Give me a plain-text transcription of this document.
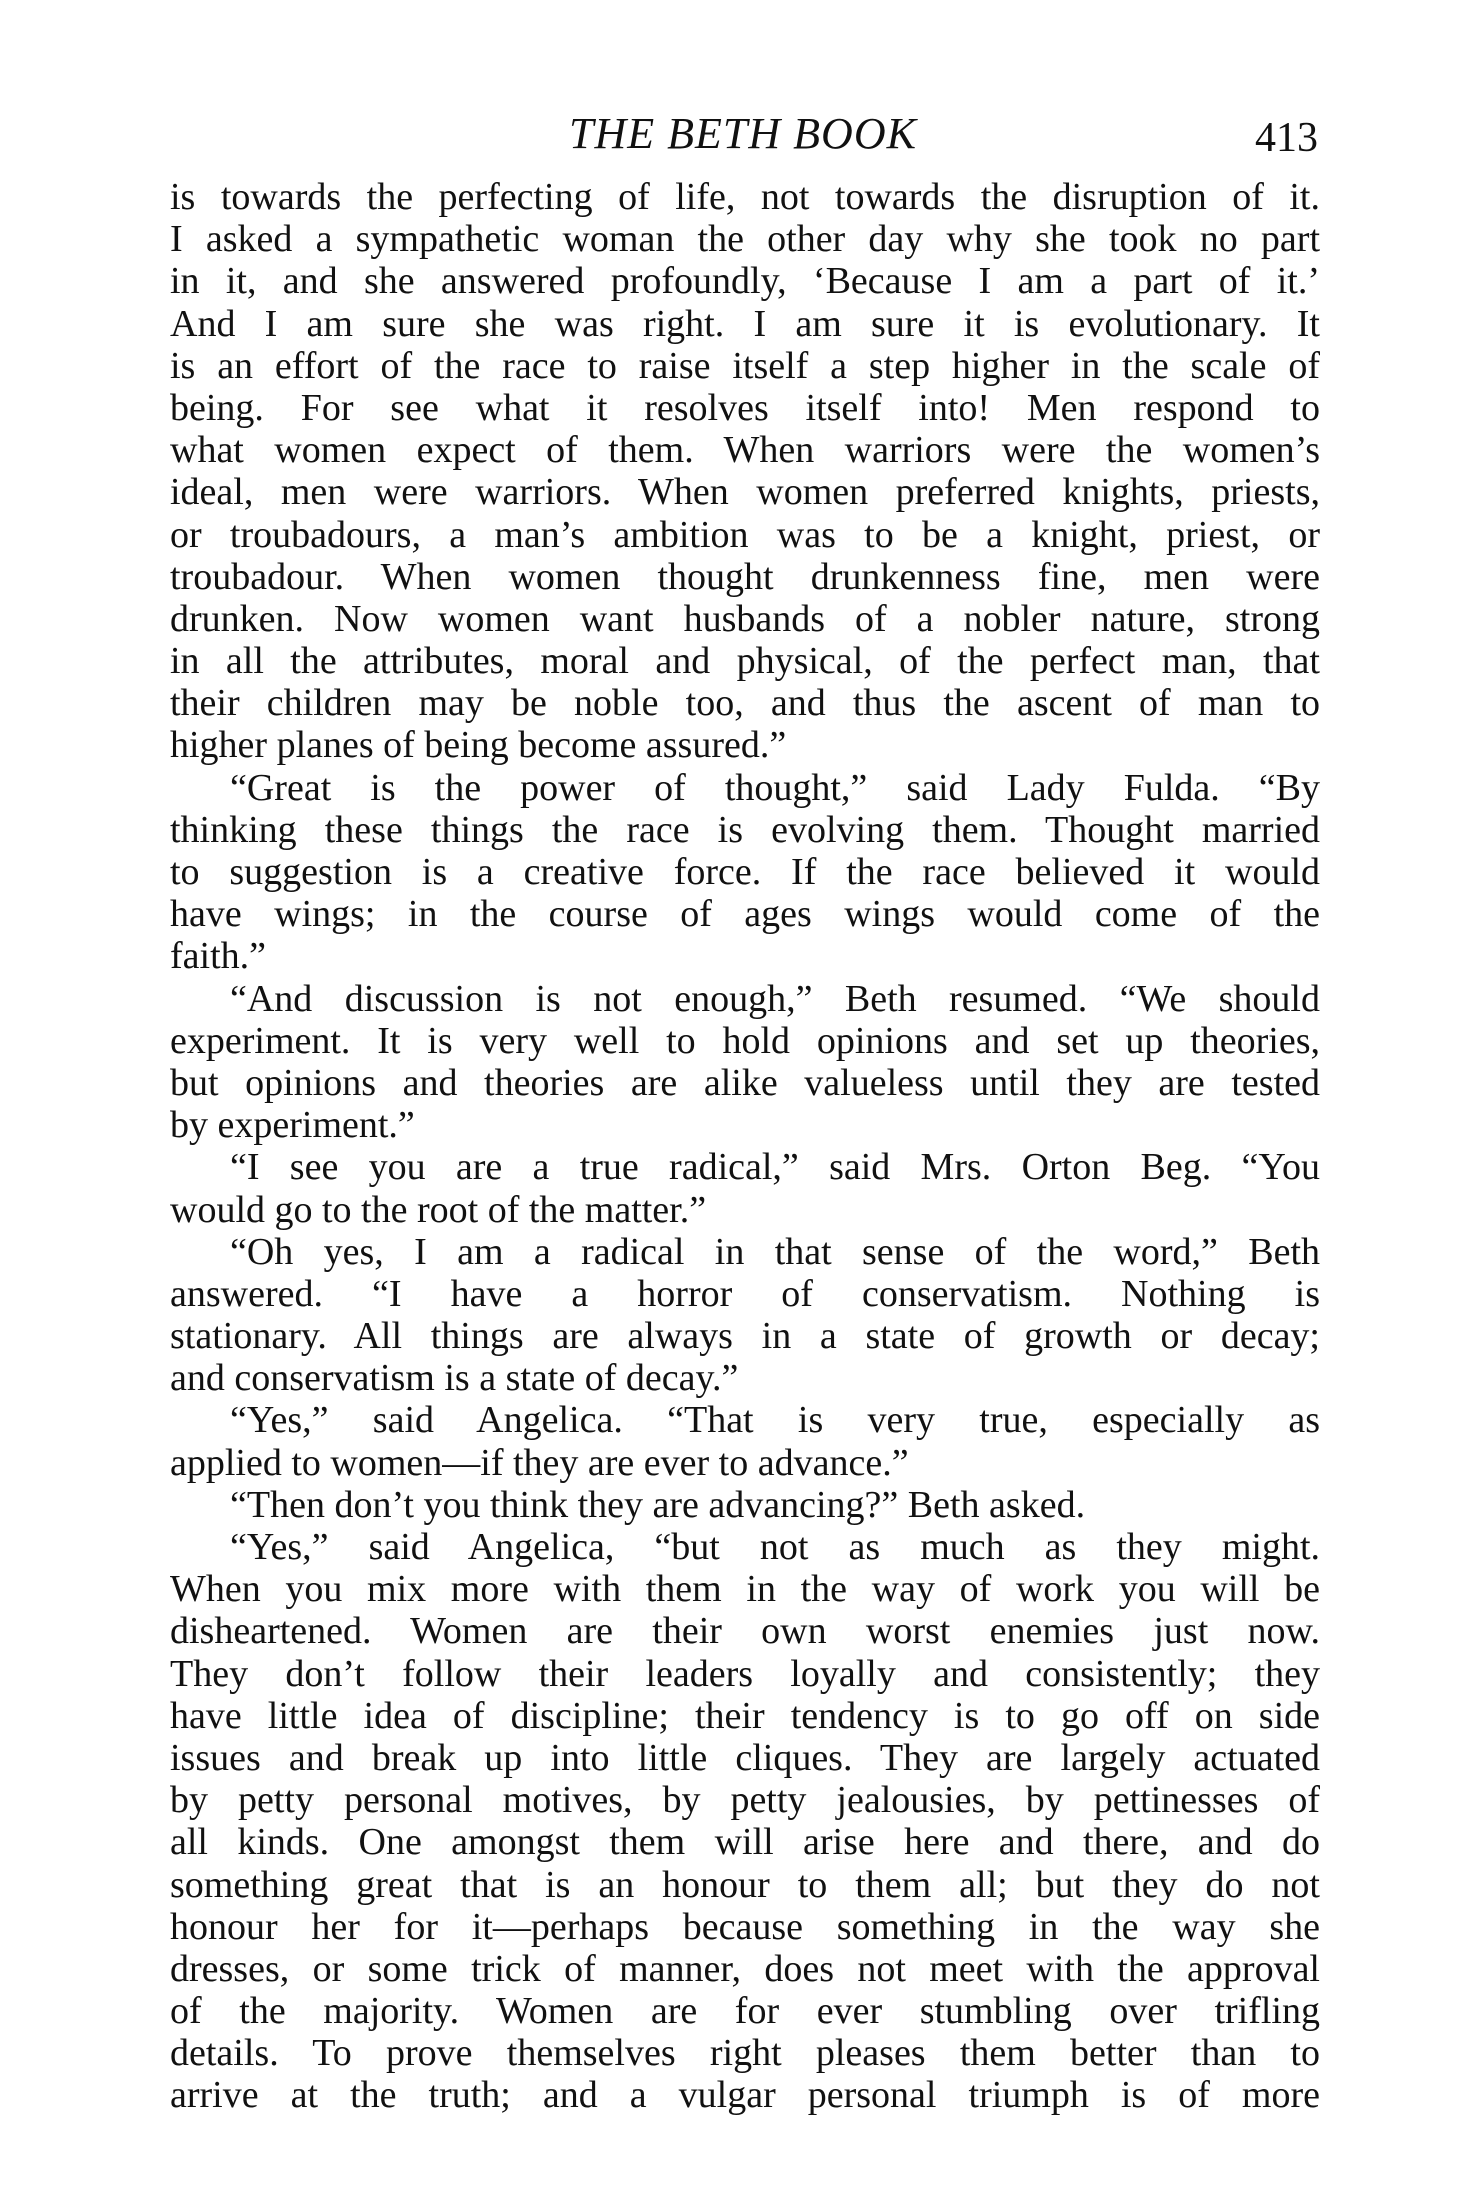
THE BETH BOOK	413
is towards the perfecting of life, not towards the disruption of it.
I asked a sympathetic woman the other day why she took no part
in it, and she answered profoundly, ‘Because I am a part of it.’
And I am sure she was right. I am sure it is evolutionary. It
is an effort of the race to raise itself a step higher in the scale of
being. For see what it resolves itself into! Men respond to
what women expect of them. When warriors were the women’s
ideal, men were warriors. When women preferred knights, priests,
or troubadours, a man’s ambition was to be a knight, priest, or
troubadour. When women thought drunkenness fine, men were
drunken. Now women want husbands of a nobler nature, strong
in all the attributes, moral and physical, of the perfect man, that
their children may be noble too, and thus the ascent of man to
higher planes of being become assured.”
“Great is the power of thought,” said Lady Fulda. “By
thinking these things the race is evolving them. Thought married
to suggestion is a creative force. If the race believed it would
have wings; in the course of ages wings would come of the
faith.”
“And discussion is not enough,” Beth resumed. “We should
experiment. It is very well to hold opinions and set up theories,
but opinions and theories are alike valueless until they are tested
by experiment.”
“I see you are a true radical,” said Mrs. Orton Beg. “You
would go to the root of the matter.”
“Oh yes, I am a radical in that sense of the word,” Beth
answered. “I have a horror of conservatism. Nothing is
stationary. All things are always in a state of growth or decay;
and conservatism is a state of decay.”
“Yes,” said Angelica. “That is very true, especially as
applied to women—if they are ever to advance.”
“Then don’t you think they are advancing?” Beth asked.
“Yes,” said Angelica, “but not as much as they might.
When you mix more with them in the way of work you will be
disheartened. Women are their own worst enemies just now.
They don’t follow their leaders loyally and consistently; they
have little idea of discipline; their tendency is to go off on side
issues and break up into little cliques. They are largely actuated
by petty personal motives, by petty jealousies, by pettinesses of
all kinds. One amongst them will arise here and there, and do
something great that is an honour to them all; but they do not
honour her for it—perhaps because something in the way she
dresses, or some trick of manner, does not meet with the approval
of the majority. Women are for ever stumbling over trifling
details. To prove themselves right pleases them better than to
arrive at the truth; and a vulgar personal triumph is of more
